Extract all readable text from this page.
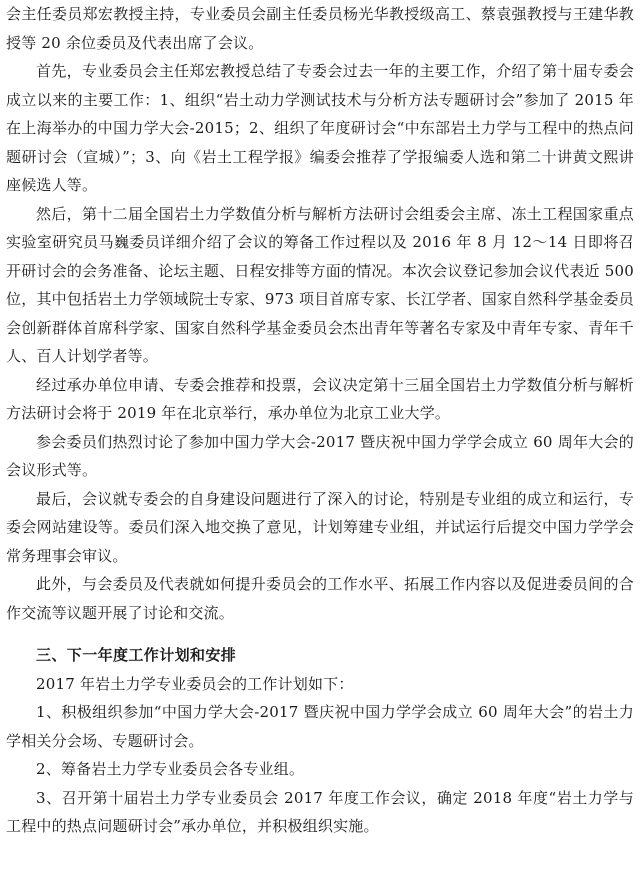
会主任委员郑宏教授主持，专业委员会副主任委员杨光华教授级高工、蔡袁强教授与王建华教授等 20 余位委员及代表出席了会议。

首先，专业委员会主任郑宏教授总结了专委会过去一年的主要工作，介绍了第十届专委会成立以来的主要工作：1、组织“岩土动力学测试技术与分析方法专题研讨会”参加了 2015 年在上海举办的中国力学大会-2015；2、组织了年度研讨会“中东部岩土力学与工程中的热点问题研讨会（宣城）”；3、向《岩土工程学报》编委会推荐了学报编委人选和第二十讲黄文熙讲座候选人等。

然后，第十二届全国岩土力学数值分析与解析方法研讨会组委会主席、冻土工程国家重点实验室研究员马巍委员详细介绍了会议的筹备工作过程以及 2016 年 8 月 12～14 日即将召开研讨会的会务准备、论坛主题、日程安排等方面的情况。本次会议登记参加会议代表近 500 位，其中包括岩土力学领域院士专家、973 项目首席专家、长江学者、国家自然科学基金委员会创新群体首席科学家、国家自然科学基金委员会杰出青年等著名专家及中青年专家、青年千人、百人计划学者等。

经过承办单位申请、专委会推荐和投票，会议决定第十三届全国岩土力学数值分析与解析方法研讨会将于 2019 年在北京举行，承办单位为北京工业大学。

参会委员们热烈讨论了参加中国力学大会-2017 暨庆祝中国力学学会成立 60 周年大会的会议形式等。

最后，会议就专委会的自身建设问题进行了深入的讨论，特别是专业组的成立和运行，专委会网站建设等。委员们深入地交换了意见，计划筹建专业组，并试运行后提交中国力学学会常务理事会审议。

此外，与会委员及代表就如何提升委员会的工作水平、拓展工作内容以及促进委员间的合作交流等议题开展了讨论和交流。

三、下一年度工作计划和安排

2017 年岩土力学专业委员会的工作计划如下：

1、积极组织参加“中国力学大会-2017 暨庆祝中国力学学会成立 60 周年大会”的岩土力学相关分会场、专题研讨会。

2、筹备岩土力学专业委员会各专业组。

3、召开第十届岩土力学专业委员会 2017 年度工作会议，确定 2018 年度“岩土力学与工程中的热点问题研讨会”承办单位，并积极组织实施。
